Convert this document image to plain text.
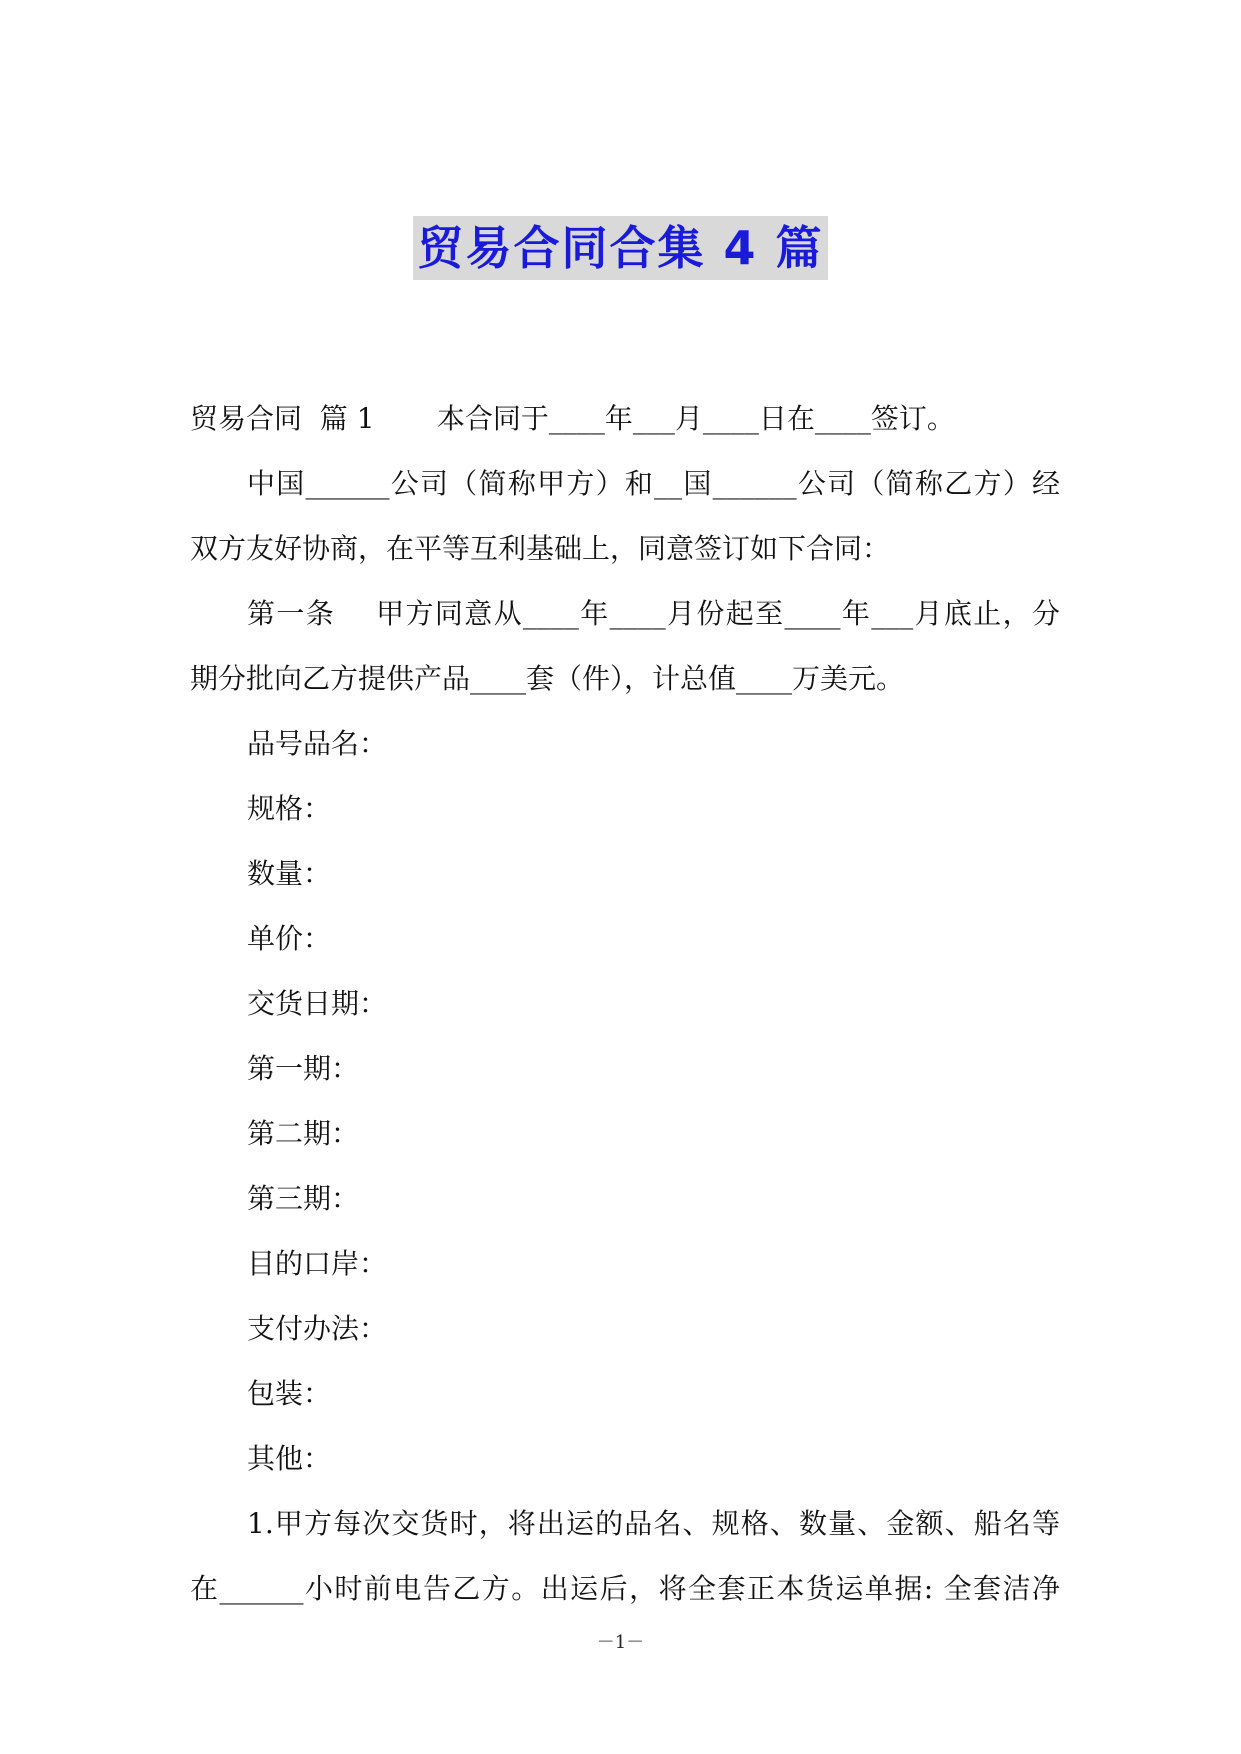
贸易合同合集 4 篇

贸易合同  篇 1       本合同于____年___月____日在____签订。

中国______公司（简称甲方）和__国______公司（简称乙方）经

双方友好协商，在平等互利基础上，同意签订如下合同：

第一条    甲方同意从____年____月份起至____年___月底止，分

期分批向乙方提供产品____套（件），计总值____万美元。

品号品名：

规格：

数量：

单价：

交货日期：

第一期：

第二期：

第三期：

目的口岸：

支付办法：

包装：

其他：

1.甲方每次交货时，将出运的品名、规格、数量、金额、船名等

在______小时前电告乙方。出运后，将全套正本货运单据: 全套洁净

－1－
